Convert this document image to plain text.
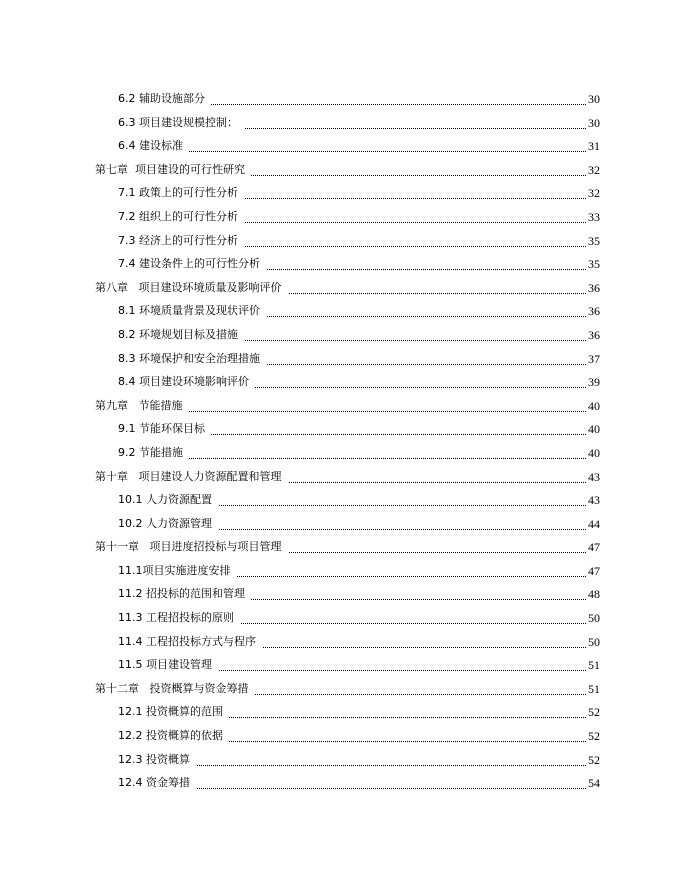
6.2 辅助设施部分	30
6.3 项目建设规模控制：	30
6.4 建设标准	31
第七章  项目建设的可行性研究	32
7.1 政策上的可行性分析	32
7.2 组织上的可行性分析	33
7.3 经济上的可行性分析	35
7.4 建设条件上的可行性分析	35
第八章   项目建设环境质量及影响评价	36
8.1 环境质量背景及现状评价	36
8.2 环境规划目标及措施	36
8.3 环境保护和安全治理措施	37
8.4 项目建设环境影响评价	39
第九章   节能措施	40
9.1 节能环保目标	40
9.2 节能措施	40
第十章   项目建设人力资源配置和管理	43
10.1 人力资源配置	43
10.2 人力资源管理	44
第十一章   项目进度招投标与项目管理	47
11.1项目实施进度安排	47
11.2 招投标的范围和管理	48
11.3 工程招投标的原则	50
11.4 工程招投标方式与程序	50
11.5 项目建设管理	51
第十二章   投资概算与资金筹措	51
12.1 投资概算的范围	52
12.2 投资概算的依据	52
12.3 投资概算	52
12.4 资金筹措	54
